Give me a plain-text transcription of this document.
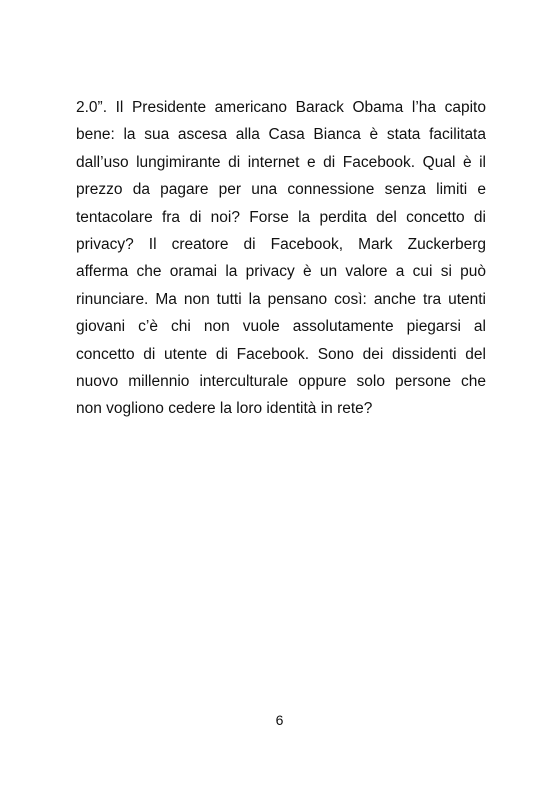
2.0”. Il Presidente americano Barack Obama l’ha capito
bene: la sua ascesa alla Casa Bianca è stata facilitata
dall’uso lungimirante di internet e di Facebook. Qual è il
prezzo da pagare per una connessione senza limiti e
tentacolare fra di noi? Forse la perdita del concetto di
privacy? Il creatore di Facebook, Mark Zuckerberg
afferma che oramai la privacy è un valore a cui si può
rinunciare. Ma non tutti la pensano così: anche tra utenti
giovani c’è chi non vuole assolutamente piegarsi al
concetto di utente di Facebook. Sono dei dissidenti del
nuovo millennio interculturale oppure solo persone che
non vogliono cedere la loro identità in rete?
6
